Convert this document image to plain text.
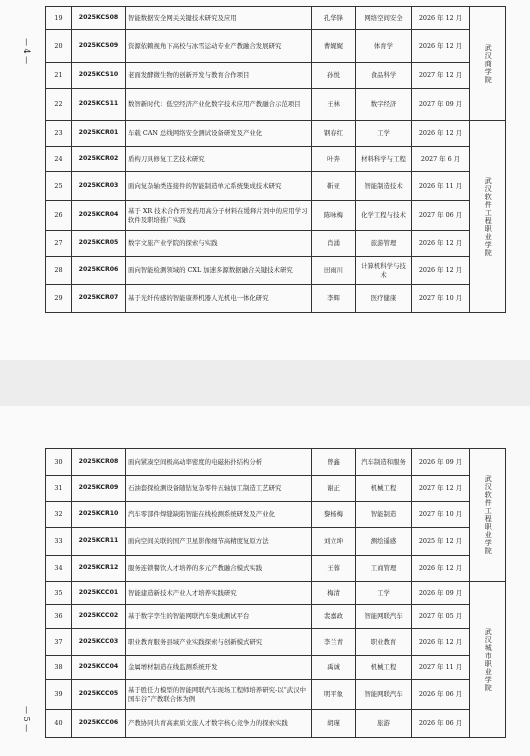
19	2025KCS08	智能数据安全网关关键技术研究及应用	孔华锋	网络空间安全	2026 年 12 月	武汉商学院
20	2025KCS09	资源依赖视角下高校与冰雪运动专业产教融合发展研究	曹娓娓	体育学	2026 年 12 月	
21	2025KCS10	老面发酵微生物的创新开发与教育合作项目	孙悦	食品科学	2027 年 12 月	
22	2025KCS11	数智新时代：低空经济产业化数字技术应用产教融合示范项目	王林	数字经济	2027 年 09 月	
23	2025KCR01	车载 CAN 总线网络安全测试设备研发及产业化	钢春红	工学	2026 年 12 月	武汉软件工程职业学院
24	2025KCR02	盾构刀具修复工艺技术研究	叶奔	材料科学与工程	2027 年 6 月	
25	2025KCR03	面向复杂轴类连接件的智能制造单元系统集成技术研究	靳亚	智能制造技术	2026 年 11 月	
26	2025KCR04	基于 XR 技术合作开发药用高分子材料在缓释片剂中的应用学习软件及职培推广实践	陈咏梅	化学工程与技术	2027 年 06 月	
27	2025KCR05	数字文旅产业学院的探索与实践	肖涌	旅游管理	2026 年 12 月	
28	2025KCR06	面向智能检测领域的 CXL 加速多源数据融合关键技术研究	田雨川	计算机科学与技术	2026 年 12 月	
29	2025KCR07	基于光纤传感的智能康养机器人光机电一体化研究	李辉	医疗健康	2027 年 10 月	
— 4 —
30	2025KCR08	面向紧凑空间极高动率密度的电磁拓扑结构分析	曾鑫	汽车制造和服务	2026 年 09 月	武汉软件工程职业学院
31	2025KCR09	石油套探检测设备随钻复杂零件五轴加工制造工艺研究	谢正	机械工程	2027 年 12 月	
32	2025KCR10	汽车零部件焊缝缺陷智能在线检测系统研发及产业化	黎杨梅	智能制造	2027 年 10 月	
33	2025KCR11	面向空间关联的国产卫星影像细节高精度复原方法	刘立坤	测绘遥感	2025 年 12 月	
34	2025KCR12	服务连锁餐饮人才培养的多元产教融合模式实践	王蓉	工商管理	2026 年 12 月	
35	2025KCC01	智能建造新技术产业人才培养实践研究	梅清	工学	2026 年 09 月	武汉城市职业学院
36	2025KCC02	基于数字孪生的智能网联汽车集成测试平台	裴嘉政	智能网联汽车	2027 年 05 月	
37	2025KCC03	职业教育服务县域产业实践探索与创新模式研究	李兰青	职业教育	2026 年 12 月	
38	2025KCC04	金属增材制造在线监测系统开发	禹诚	机械工程	2027 年 11 月	
39	2025KCC05	基于胜任力模型的智能网联汽车现场工程师培养研究-以“武汉中国车谷”产教联合体为例	明平象	智能网联汽车	2026 年 06 月	
40	2025KCC06	产教协同共育高素质文旅人才数字核心竞争力的探索实践	胡瑾	旅游	2026 年 06 月	
— 5 —
